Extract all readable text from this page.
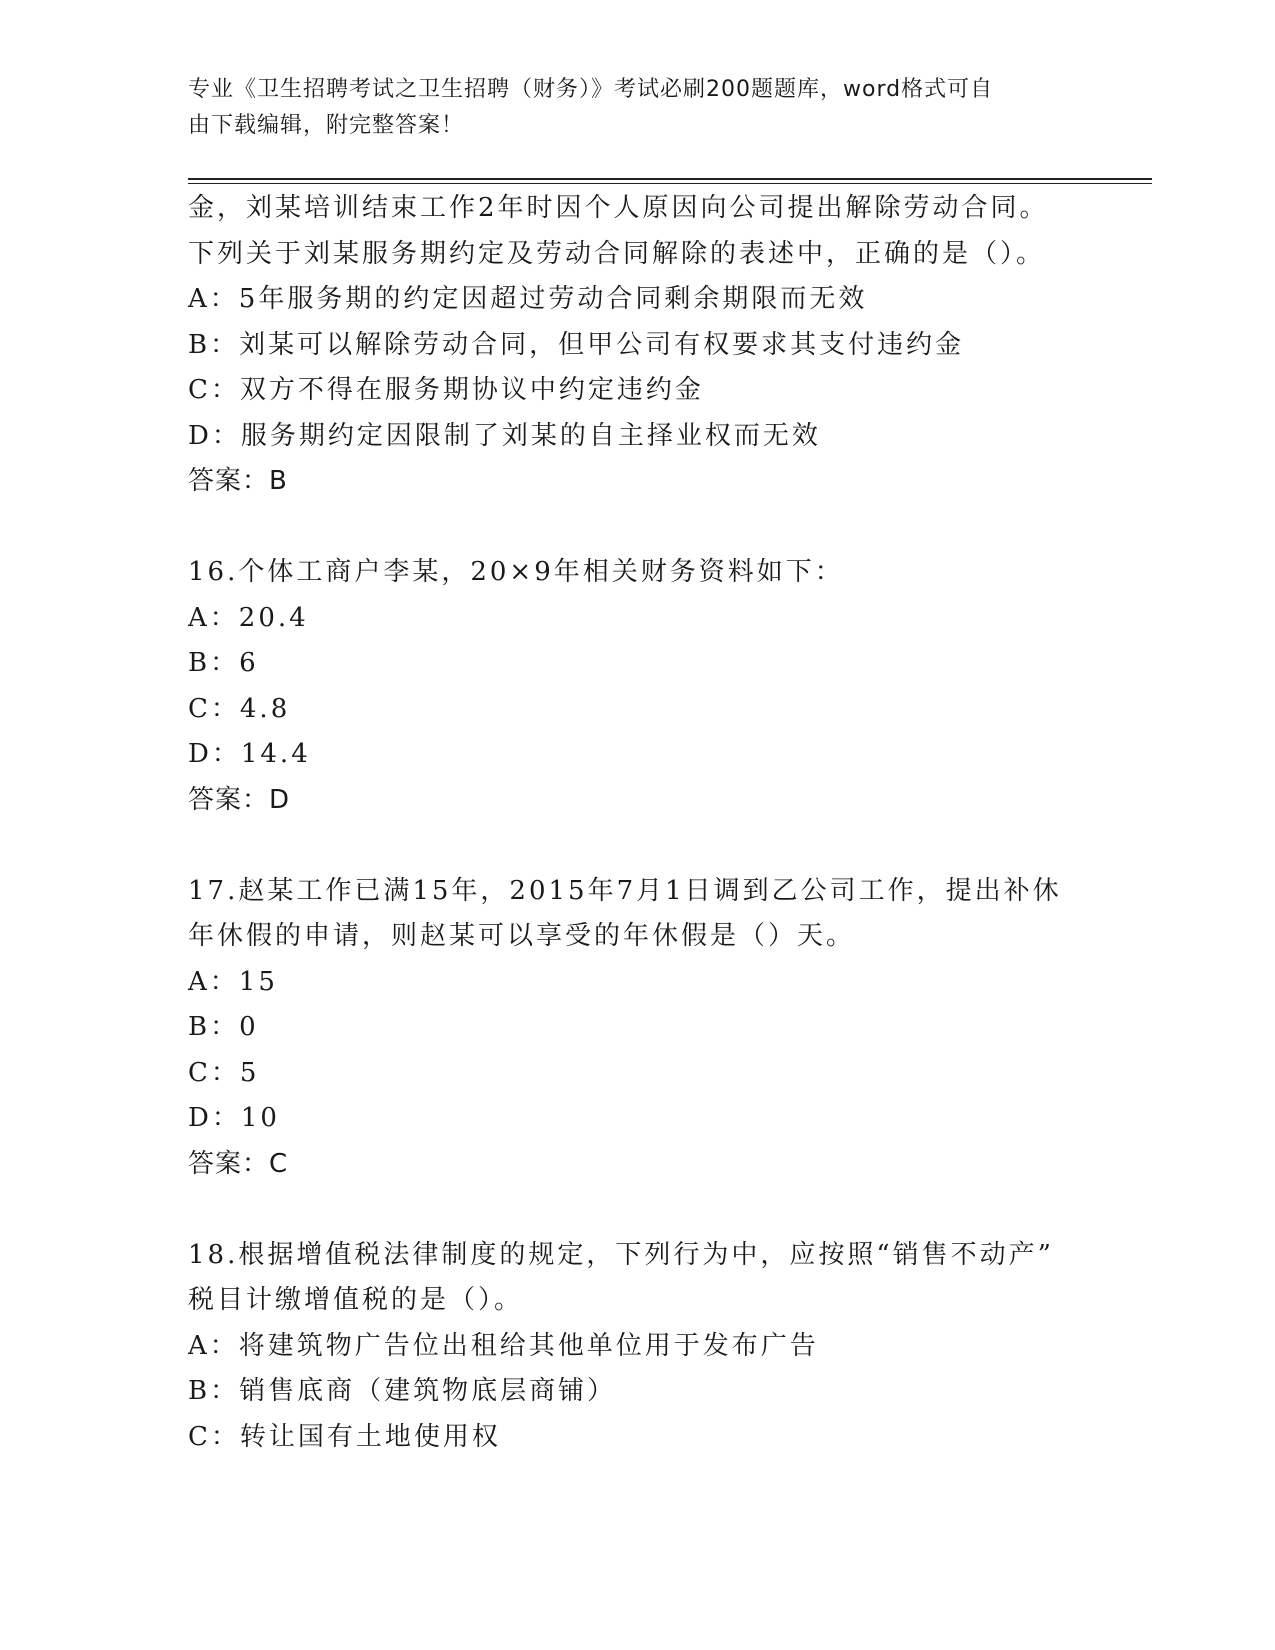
专业《卫生招聘考试之卫生招聘（财务）》考试必刷200题题库，word格式可自
由下载编辑，附完整答案！
金，刘某培训结束工作2年时因个人原因向公司提出解除劳动合同。
下列关于刘某服务期约定及劳动合同解除的表述中，正确的是（）。
A：5年服务期的约定因超过劳动合同剩余期限而无效
B：刘某可以解除劳动合同，但甲公司有权要求其支付违约金
C：双方不得在服务期协议中约定违约金
D：服务期约定因限制了刘某的自主择业权而无效
答案：B
16.个体工商户李某，20×9年相关财务资料如下：
A：20.4
B：6
C：4.8
D：14.4
答案：D
17.赵某工作已满15年，2015年7月1日调到乙公司工作，提出补休
年休假的申请，则赵某可以享受的年休假是（）天。
A：15
B：0
C：5
D：10
答案：C
18.根据增值税法律制度的规定，下列行为中，应按照“销售不动产”
税目计缴增值税的是（）。
A：将建筑物广告位出租给其他单位用于发布广告
B：销售底商（建筑物底层商铺）
C：转让国有土地使用权
